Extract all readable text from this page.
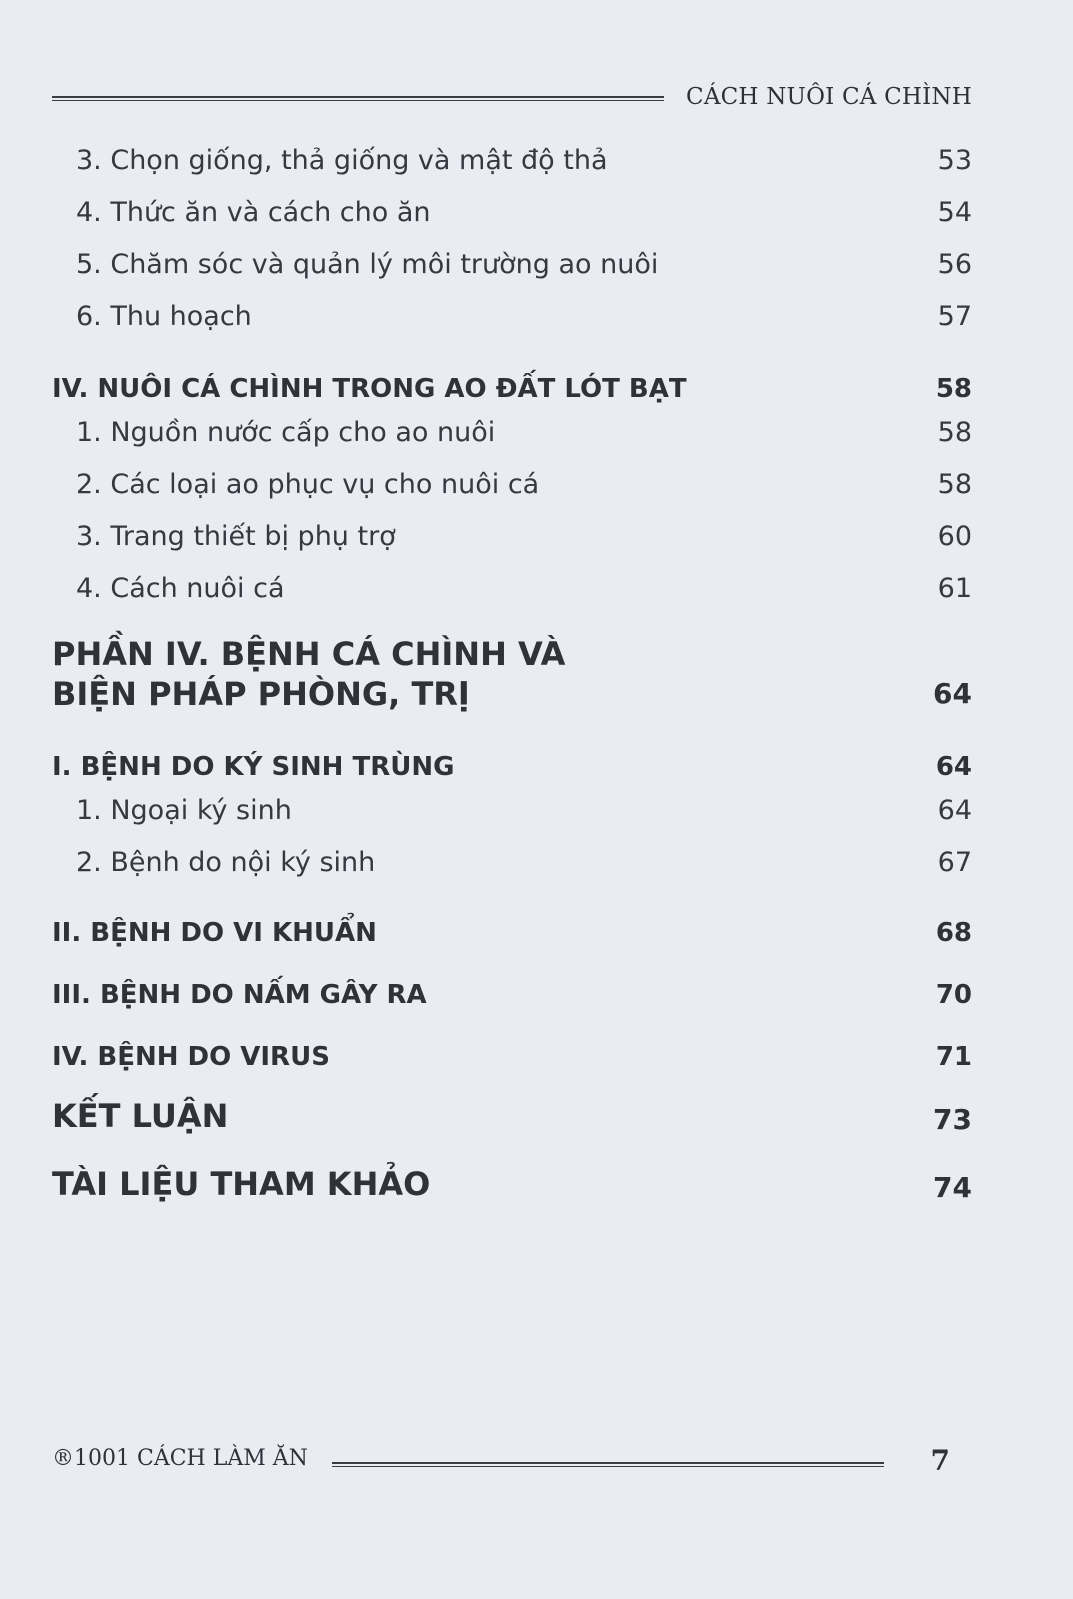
CÁCH NUÔI CÁ CHÌNH
3. Chọn giống, thả giống và mật độ thả	53
4. Thức ăn và cách cho ăn	54
5. Chăm sóc và quản lý môi trường ao nuôi	56
6. Thu hoạch	57
IV. NUÔI CÁ CHÌNH TRONG AO ĐẤT LÓT BẠT	58
1. Nguồn nước cấp cho ao nuôi	58
2. Các loại ao phục vụ cho nuôi cá	58
3. Trang thiết bị phụ trợ	60
4. Cách nuôi cá	61
PHẦN IV. BỆNH CÁ CHÌNH VÀ
BIỆN PHÁP PHÒNG, TRỊ	64
I. BỆNH DO KÝ SINH TRÙNG	64
1. Ngoại ký sinh	64
2. Bệnh do nội ký sinh	67
II. BỆNH DO VI KHUẨN	68
III. BỆNH DO NẤM GÂY RA	70
IV. BỆNH DO VIRUS	71
KẾT LUẬN	73
TÀI LIỆU THAM KHẢO	74
®1001 CÁCH LÀM ĂN	7
